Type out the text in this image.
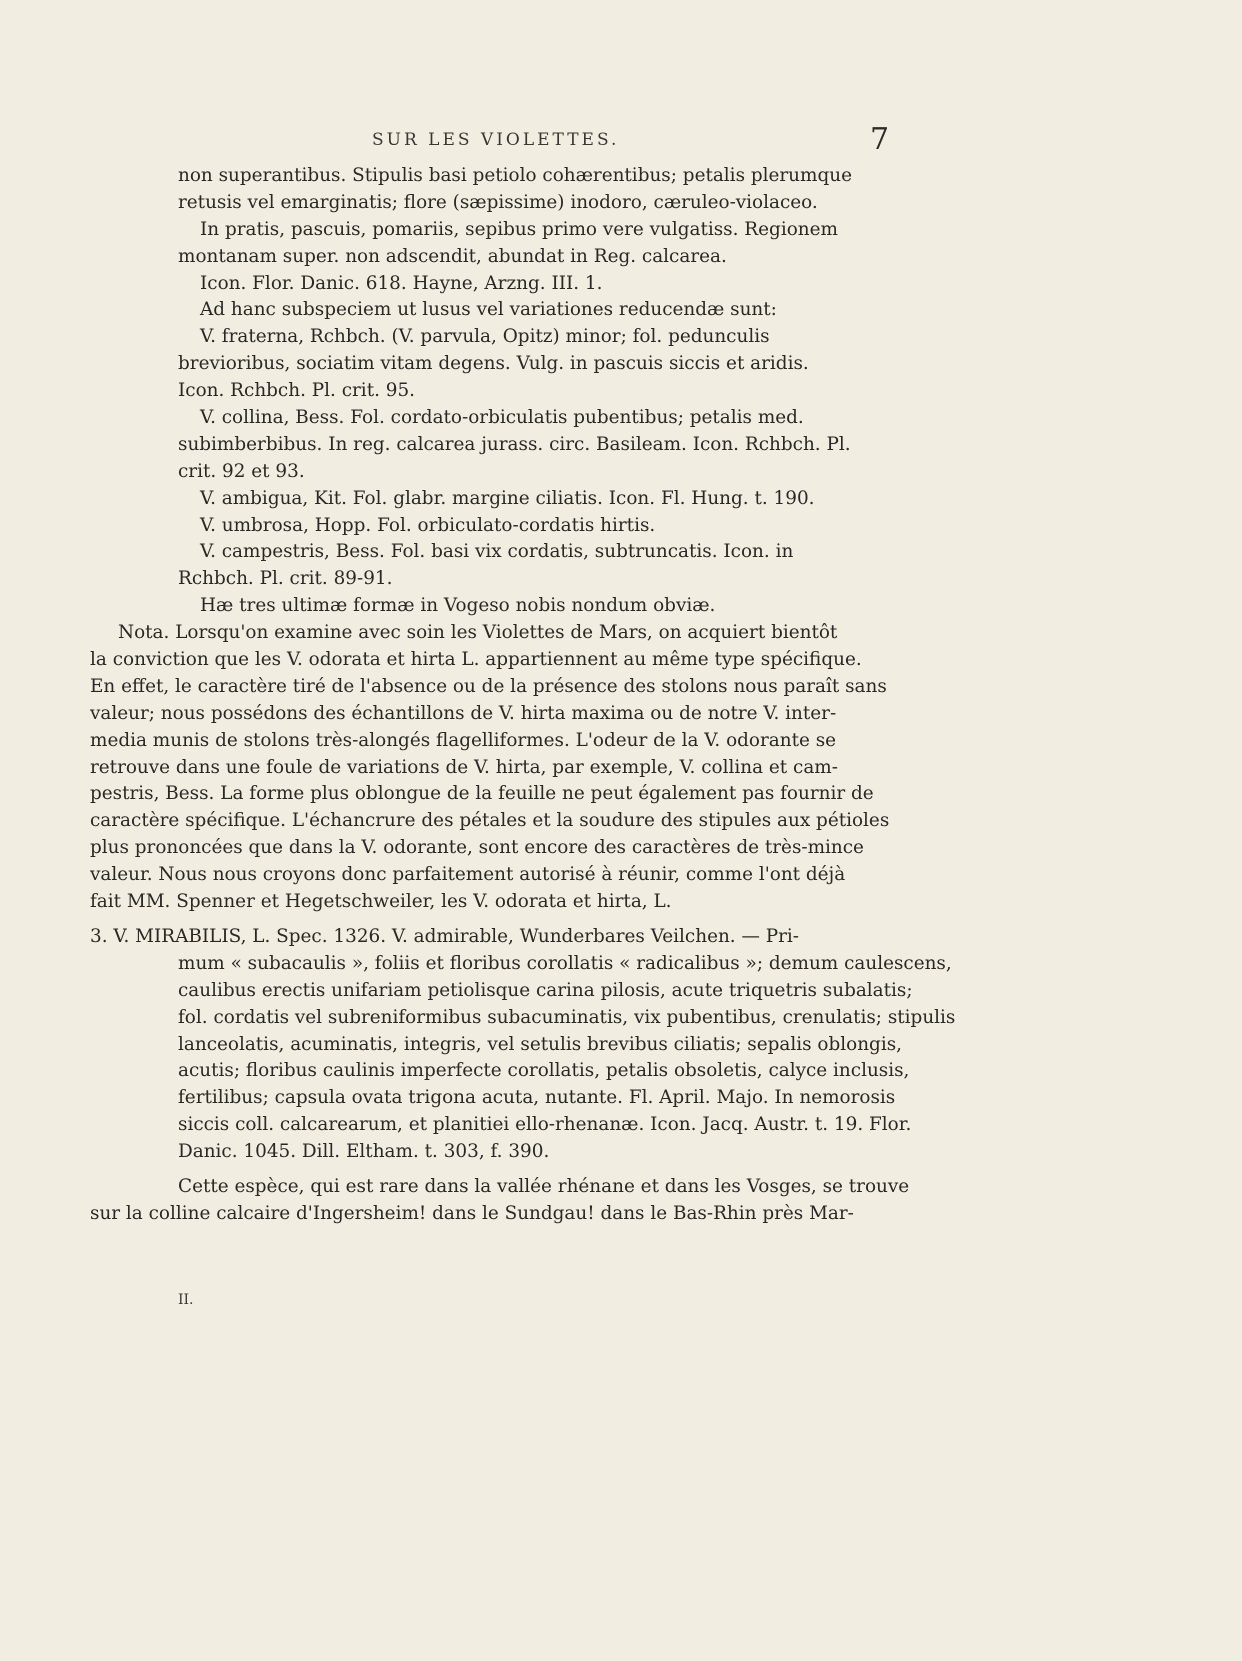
SUR LES VIOLETTES.	7
non superantibus. Stipulis basi petiolo cohærentibus; petalis plerumque
retusis vel emarginatis; flore (sæpissime) inodoro, cæruleo-violaceo.
In pratis, pascuis, pomariis, sepibus primo vere vulgatiss. Regionem
montanam super. non adscendit, abundat in Reg. calcarea.
Icon. Flor. Danic. 618. Hayne, Arzng. III. 1.
Ad hanc subspeciem ut lusus vel variationes reducendæ sunt:
V. fraterna, Rchbch. (V. parvula, Opitz) minor; fol. pedunculis
brevioribus, sociatim vitam degens. Vulg. in pascuis siccis et aridis.
Icon. Rchbch. Pl. crit. 95.
V. collina, Bess. Fol. cordato-orbiculatis pubentibus; petalis med.
subimberbibus. In reg. calcarea jurass. circ. Basileam. Icon. Rchbch. Pl.
crit. 92 et 93.
V. ambigua, Kit. Fol. glabr. margine ciliatis. Icon. Fl. Hung. t. 190.
V. umbrosa, Hopp. Fol. orbiculato-cordatis hirtis.
V. campestris, Bess. Fol. basi vix cordatis, subtruncatis. Icon. in
Rchbch. Pl. crit. 89-91.
Hæ tres ultimæ formæ in Vogeso nobis nondum obviæ.
Nota. Lorsqu'on examine avec soin les Violettes de Mars, on acquiert bientôt
la conviction que les V. odorata et hirta L. appartiennent au même type spécifique.
En effet, le caractère tiré de l'absence ou de la présence des stolons nous paraît sans
valeur; nous possédons des échantillons de V. hirta maxima ou de notre V. inter-
media munis de stolons très-alongés flagelliformes. L'odeur de la V. odorante se
retrouve dans une foule de variations de V. hirta, par exemple, V. collina et cam-
pestris, Bess. La forme plus oblongue de la feuille ne peut également pas fournir de
caractère spécifique. L'échancrure des pétales et la soudure des stipules aux pétioles
plus prononcées que dans la V. odorante, sont encore des caractères de très-mince
valeur. Nous nous croyons donc parfaitement autorisé à réunir, comme l'ont déjà
fait MM. Spenner et Hegetschweiler, les V. odorata et hirta, L.
3. V. MIRABILIS, L. Spec. 1326. V. admirable, Wunderbares Veilchen. — Pri-
mum « subacaulis », foliis et floribus corollatis « radicalibus »; demum caulescens,
caulibus erectis unifariam petiolisque carina pilosis, acute triquetris subalatis;
fol. cordatis vel subreniformibus subacuminatis, vix pubentibus, crenulatis; stipulis
lanceolatis, acuminatis, integris, vel setulis brevibus ciliatis; sepalis oblongis,
acutis; floribus caulinis imperfecte corollatis, petalis obsoletis, calyce inclusis,
fertilibus; capsula ovata trigona acuta, nutante. Fl. April. Majo. In nemorosis
siccis coll. calcarearum, et planitiei ello-rhenanæ. Icon. Jacq. Austr. t. 19. Flor.
Danic. 1045. Dill. Eltham. t. 303, f. 390.
Cette espèce, qui est rare dans la vallée rhénane et dans les Vosges, se trouve
sur la colline calcaire d'Ingersheim! dans le Sundgau! dans le Bas-Rhin près Mar-
II.
